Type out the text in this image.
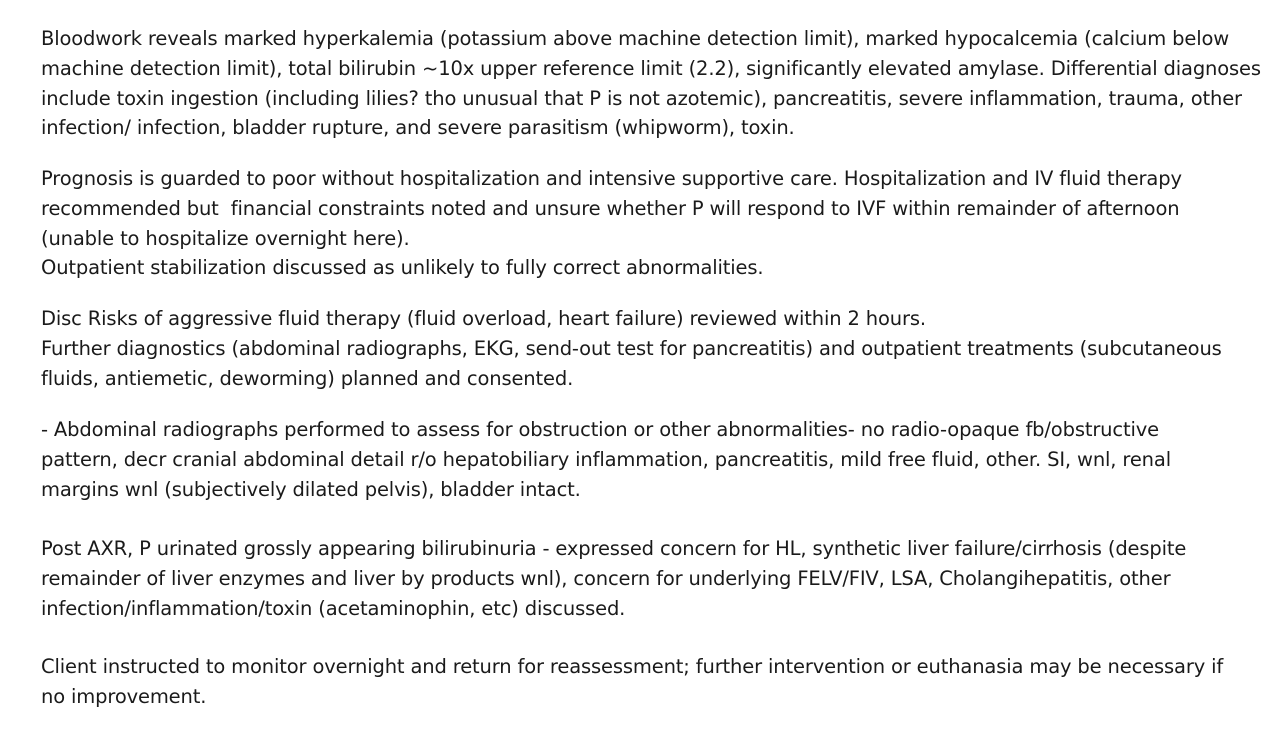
Bloodwork reveals marked hyperkalemia (potassium above machine detection limit), marked hypocalcemia (calcium below
machine detection limit), total bilirubin ~10x upper reference limit (2.2), significantly elevated amylase. Differential diagnoses
include toxin ingestion (including lilies? tho unusual that P is not azotemic), pancreatitis, severe inflammation, trauma, other
infection/ infection, bladder rupture, and severe parasitism (whipworm), toxin.

Prognosis is guarded to poor without hospitalization and intensive supportive care. Hospitalization and IV fluid therapy
recommended but  financial constraints noted and unsure whether P will respond to IVF within remainder of afternoon
(unable to hospitalize overnight here).
Outpatient stabilization discussed as unlikely to fully correct abnormalities.

Disc Risks of aggressive fluid therapy (fluid overload, heart failure) reviewed within 2 hours.
Further diagnostics (abdominal radiographs, EKG, send-out test for pancreatitis) and outpatient treatments (subcutaneous
fluids, antiemetic, deworming) planned and consented.

- Abdominal radiographs performed to assess for obstruction or other abnormalities- no radio-opaque fb/obstructive
pattern, decr cranial abdominal detail r/o hepatobiliary inflammation, pancreatitis, mild free fluid, other. SI, wnl, renal
margins wnl (subjectively dilated pelvis), bladder intact.

Post AXR, P urinated grossly appearing bilirubinuria - expressed concern for HL, synthetic liver failure/cirrhosis (despite
remainder of liver enzymes and liver by products wnl), concern for underlying FELV/FIV, LSA, Cholangihepatitis, other
infection/inflammation/toxin (acetaminophin, etc) discussed.

Client instructed to monitor overnight and return for reassessment; further intervention or euthanasia may be necessary if
no improvement.
